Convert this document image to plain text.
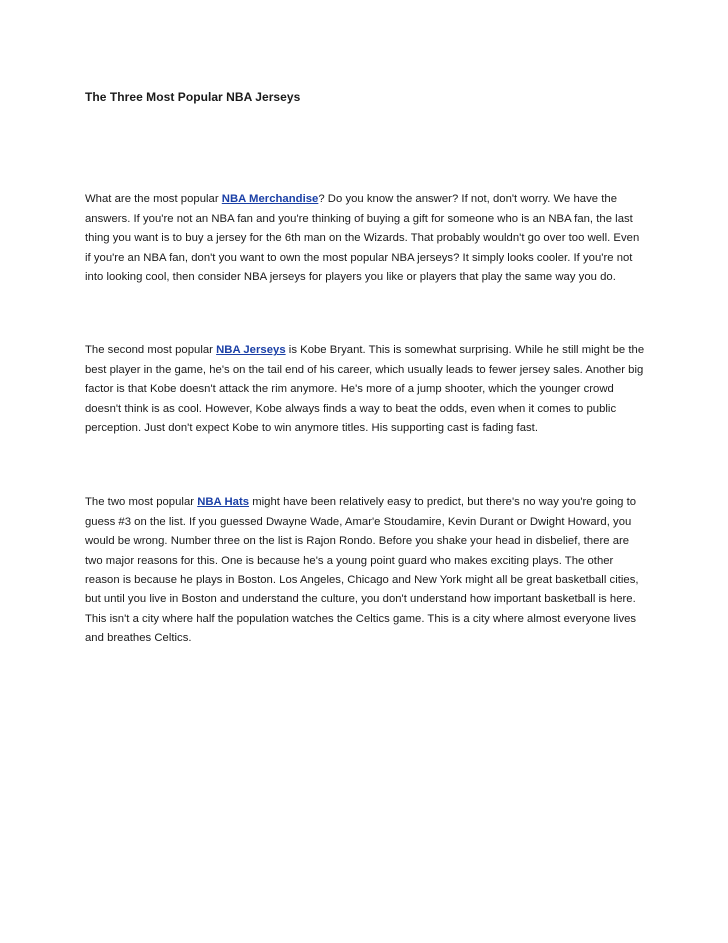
The Three Most Popular NBA Jerseys

What are the most popular NBA Merchandise? Do you know the answer? If not, don't worry. We have the answers. If you're not an NBA fan and you're thinking of buying a gift for someone who is an NBA fan, the last thing you want is to buy a jersey for the 6th man on the Wizards. That probably wouldn't go over too well. Even if you're an NBA fan, don't you want to own the most popular NBA jerseys? It simply looks cooler. If you're not into looking cool, then consider NBA jerseys for players you like or players that play the same way you do.

The second most popular NBA Jerseys is Kobe Bryant. This is somewhat surprising. While he still might be the best player in the game, he's on the tail end of his career, which usually leads to fewer jersey sales. Another big factor is that Kobe doesn't attack the rim anymore. He's more of a jump shooter, which the younger crowd doesn't think is as cool. However, Kobe always finds a way to beat the odds, even when it comes to public perception. Just don't expect Kobe to win anymore titles. His supporting cast is fading fast.

The two most popular NBA Hats might have been relatively easy to predict, but there's no way you're going to guess #3 on the list. If you guessed Dwayne Wade, Amar'e Stoudamire, Kevin Durant or Dwight Howard, you would be wrong. Number three on the list is Rajon Rondo. Before you shake your head in disbelief, there are two major reasons for this. One is because he's a young point guard who makes exciting plays. The other reason is because he plays in Boston. Los Angeles, Chicago and New York might all be great basketball cities, but until you live in Boston and understand the culture, you don't understand how important basketball is here. This isn't a city where half the population watches the Celtics game. This is a city where almost everyone lives and breathes Celtics.
